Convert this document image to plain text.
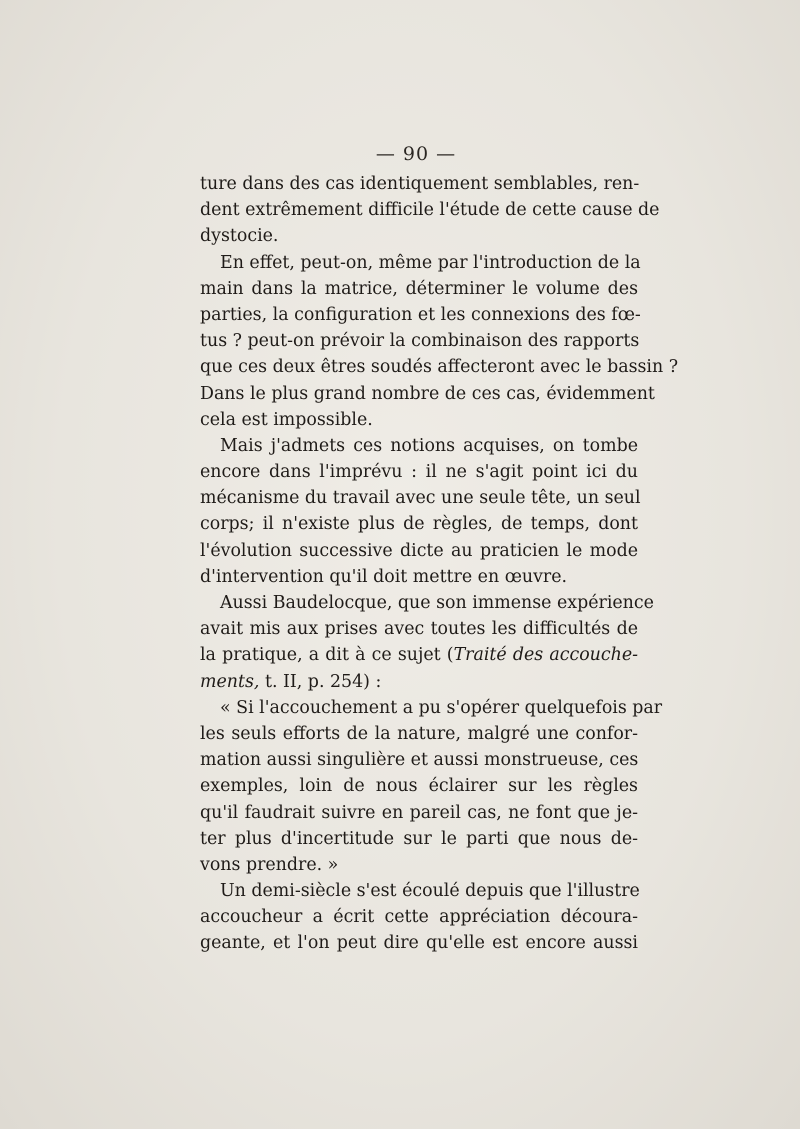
— 90 —
ture dans des cas identiquement semblables, ren-
dent extrêmement difficile l'étude de cette cause de
dystocie.
En effet, peut-on, même par l'introduction de la
main dans la matrice, déterminer le volume des
parties, la configuration et les connexions des fœ-
tus ? peut-on prévoir la combinaison des rapports
que ces deux êtres soudés affecteront avec le bassin ?
Dans le plus grand nombre de ces cas, évidemment
cela est impossible.
Mais j'admets ces notions acquises, on tombe
encore dans l'imprévu : il ne s'agit point ici du
mécanisme du travail avec une seule tête, un seul
corps; il n'existe plus de règles, de temps, dont
l'évolution successive dicte au praticien le mode
d'intervention qu'il doit mettre en œuvre.
Aussi Baudelocque, que son immense expérience
avait mis aux prises avec toutes les difficultés de
la pratique, a dit à ce sujet (Traité des accouche-
ments, t. II, p. 254) :
« Si l'accouchement a pu s'opérer quelquefois par
les seuls efforts de la nature, malgré une confor-
mation aussi singulière et aussi monstrueuse, ces
exemples, loin de nous éclairer sur les règles
qu'il faudrait suivre en pareil cas, ne font que je-
ter plus d'incertitude sur le parti que nous de-
vons prendre. »
Un demi-siècle s'est écoulé depuis que l'illustre
accoucheur a écrit cette appréciation découra-
geante, et l'on peut dire qu'elle est encore aussi
